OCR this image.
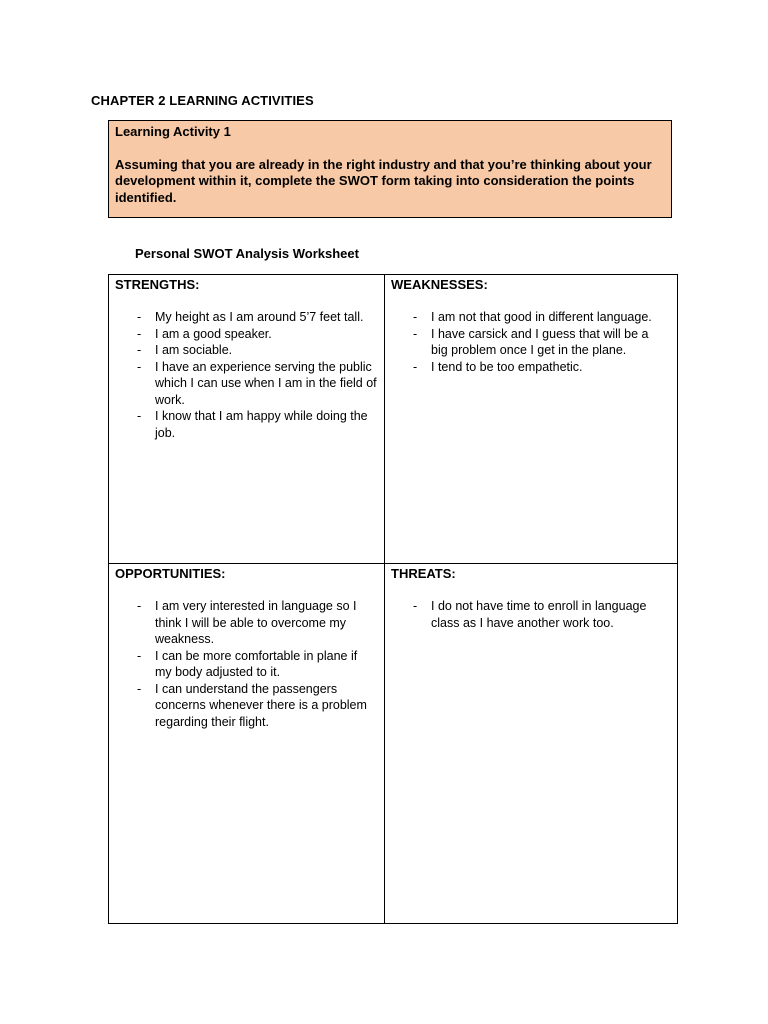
CHAPTER 2 LEARNING ACTIVITIES

Learning Activity 1

Assuming that you are already in the right industry and that you’re thinking about your development within it, complete the SWOT form taking into consideration the points identified.

Personal SWOT Analysis Worksheet
STRENGTHS:
-	My height as I am around 5’7 feet tall.
-	I am a good speaker.
-	I am sociable.
-	I have an experience serving the public which I can use when I am in the field of work.
-	I know that I am happy while doing the job.
WEAKNESSES:
-	I am not that good in different language.
-	I have carsick and I guess that will be a big problem once I get in the plane.
-	I tend to be too empathetic.
OPPORTUNITIES:
-	I am very interested in language so I think I will be able to overcome my weakness.
-	I can be more comfortable in plane if my body adjusted to it.
-	I can understand the passengers concerns whenever there is a problem regarding their flight.
THREATS:
-	I do not have time to enroll in language class as I have another work too.
